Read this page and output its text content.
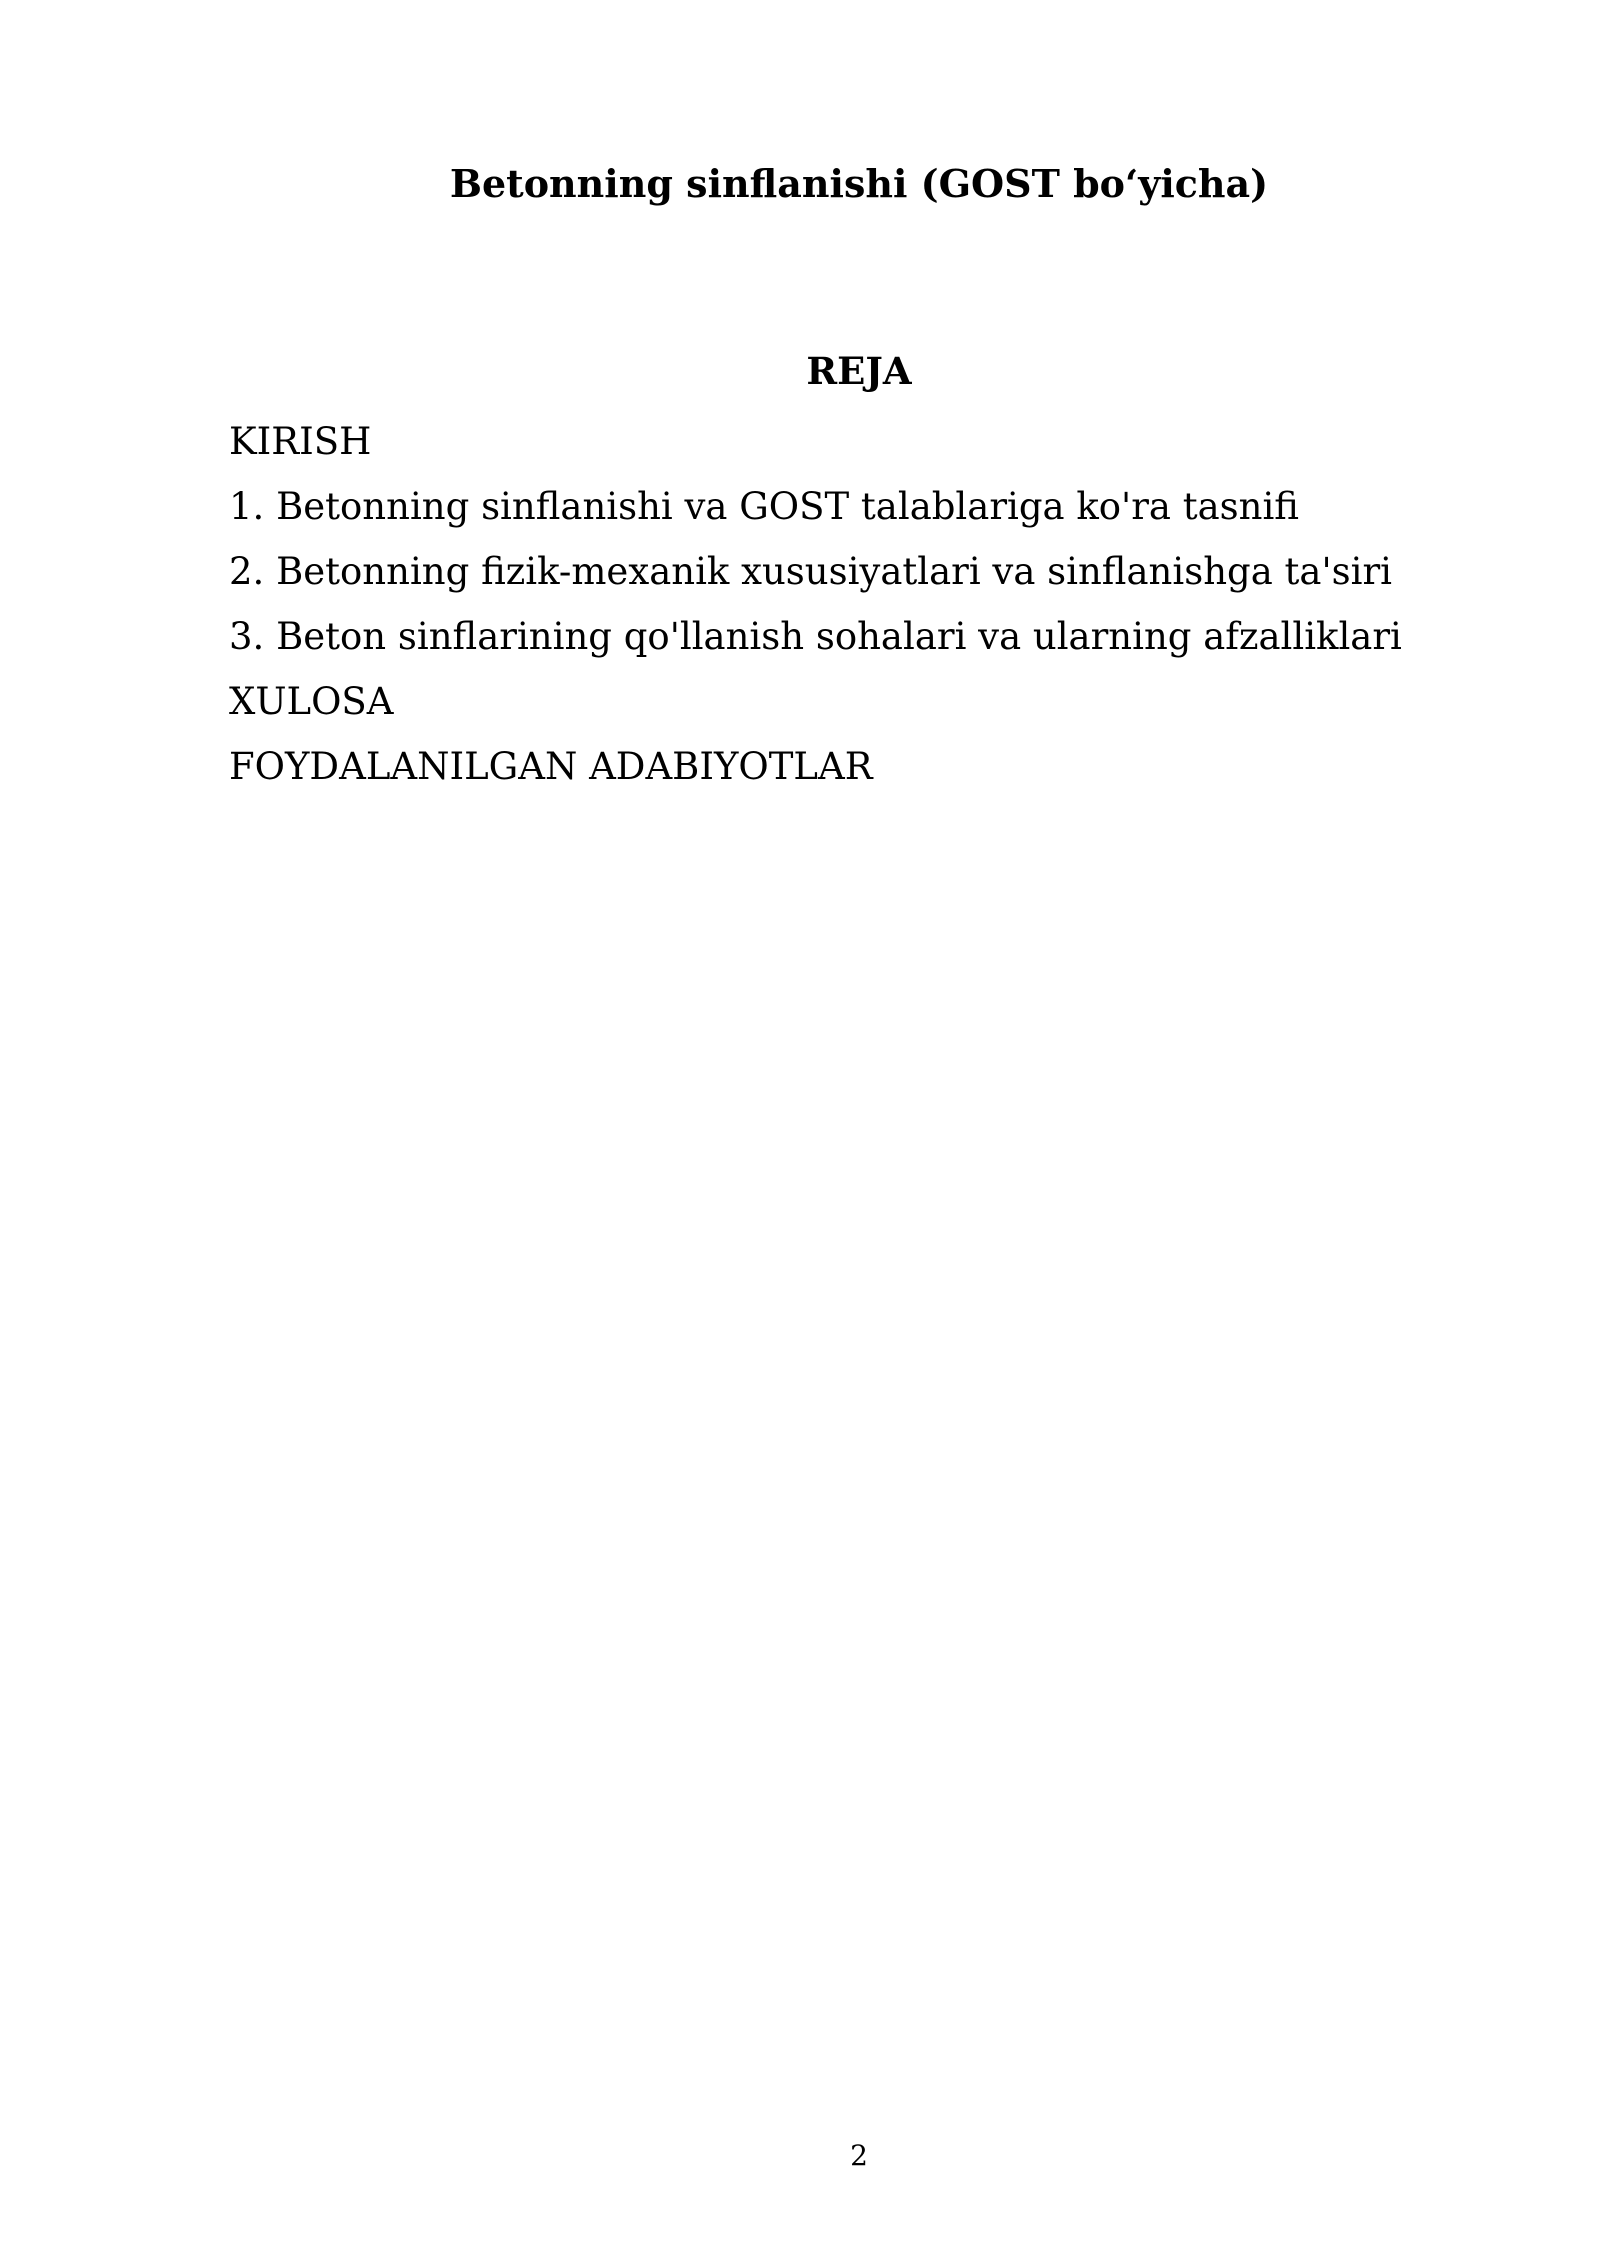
Betonning sinflanishi (GOST bo‘yicha)
REJA
KIRISH
1. Betonning sinflanishi va GOST talablariga ko'ra tasnifi
2. Betonning fizik-mexanik xususiyatlari va sinflanishga ta'siri
3. Beton sinflarining qo'llanish sohalari va ularning afzalliklari
XULOSA
FOYDALANILGAN ADABIYOTLAR
2
